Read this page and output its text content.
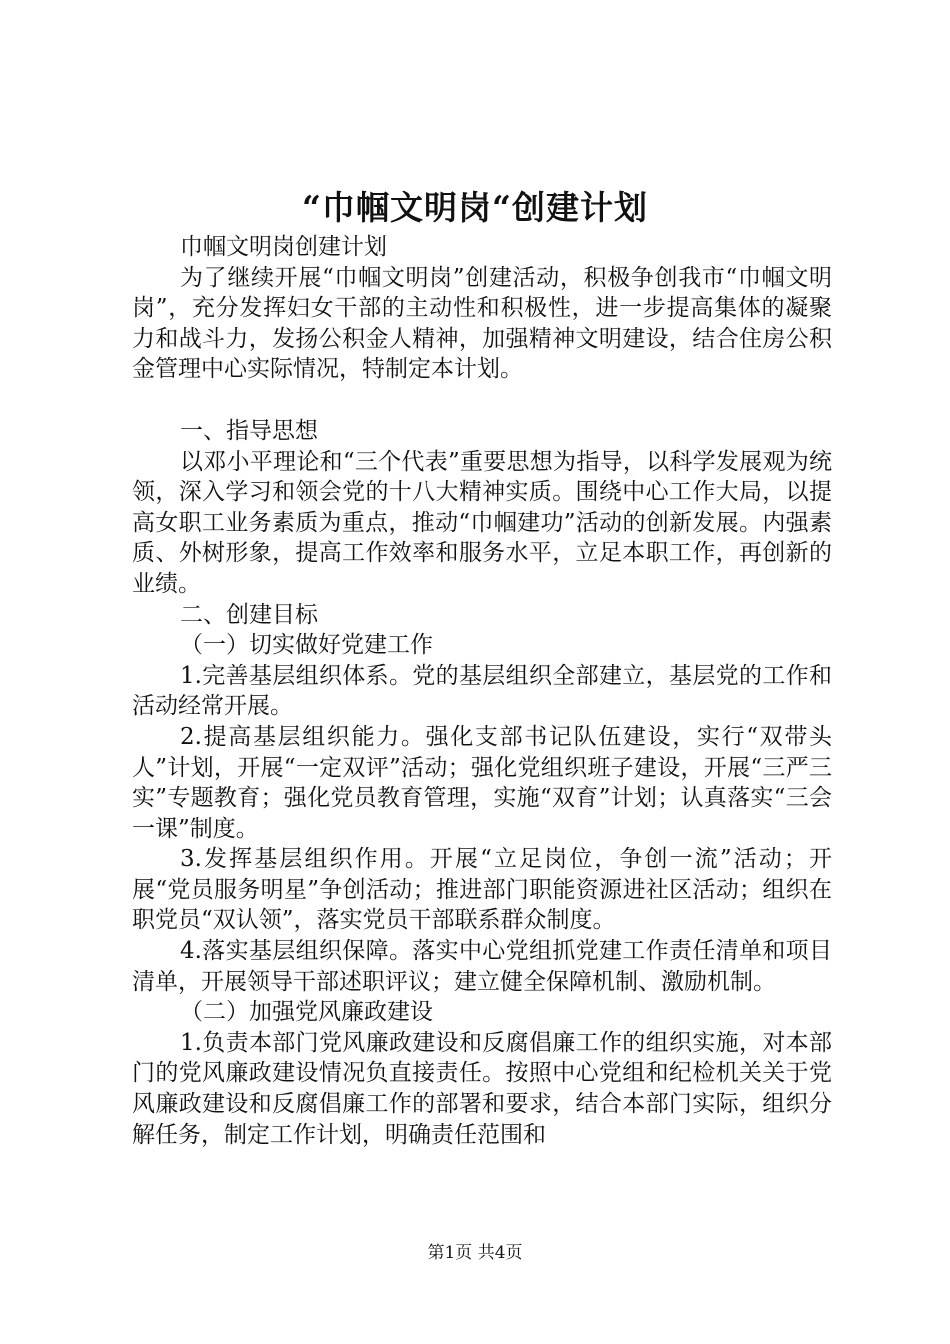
“巾帼文明岗“创建计划

巾帼文明岗创建计划

为了继续开展“巾帼文明岗”创建活动，积极争创我市“巾帼文明岗”，充分发挥妇女干部的主动性和积极性，进一步提高集体的凝聚力和战斗力，发扬公积金人精神，加强精神文明建设，结合住房公积金管理中心实际情况，特制定本计划。

一、指导思想

以邓小平理论和“三个代表”重要思想为指导，以科学发展观为统领，深入学习和领会党的十八大精神实质。围绕中心工作大局，以提高女职工业务素质为重点，推动“巾帼建功”活动的创新发展。内强素质、外树形象，提高工作效率和服务水平，立足本职工作，再创新的业绩。

二、创建目标

（一）切实做好党建工作

1.完善基层组织体系。党的基层组织全部建立，基层党的工作和活动经常开展。

2.提高基层组织能力。强化支部书记队伍建设，实行“双带头人”计划，开展“一定双评”活动；强化党组织班子建设，开展“三严三实”专题教育；强化党员教育管理，实施“双育”计划；认真落实“三会一课”制度。

3.发挥基层组织作用。开展“立足岗位，争创一流”活动；开展“党员服务明星”争创活动；推进部门职能资源进社区活动；组织在职党员“双认领”，落实党员干部联系群众制度。

4.落实基层组织保障。落实中心党组抓党建工作责任清单和项目清单，开展领导干部述职评议；建立健全保障机制、激励机制。

（二）加强党风廉政建设

1.负责本部门党风廉政建设和反腐倡廉工作的组织实施，对本部门的党风廉政建设情况负直接责任。按照中心党组和纪检机关关于党风廉政建设和反腐倡廉工作的部署和要求，结合本部门实际，组织分解任务，制定工作计划，明确责任范围和

第1页 共4页
